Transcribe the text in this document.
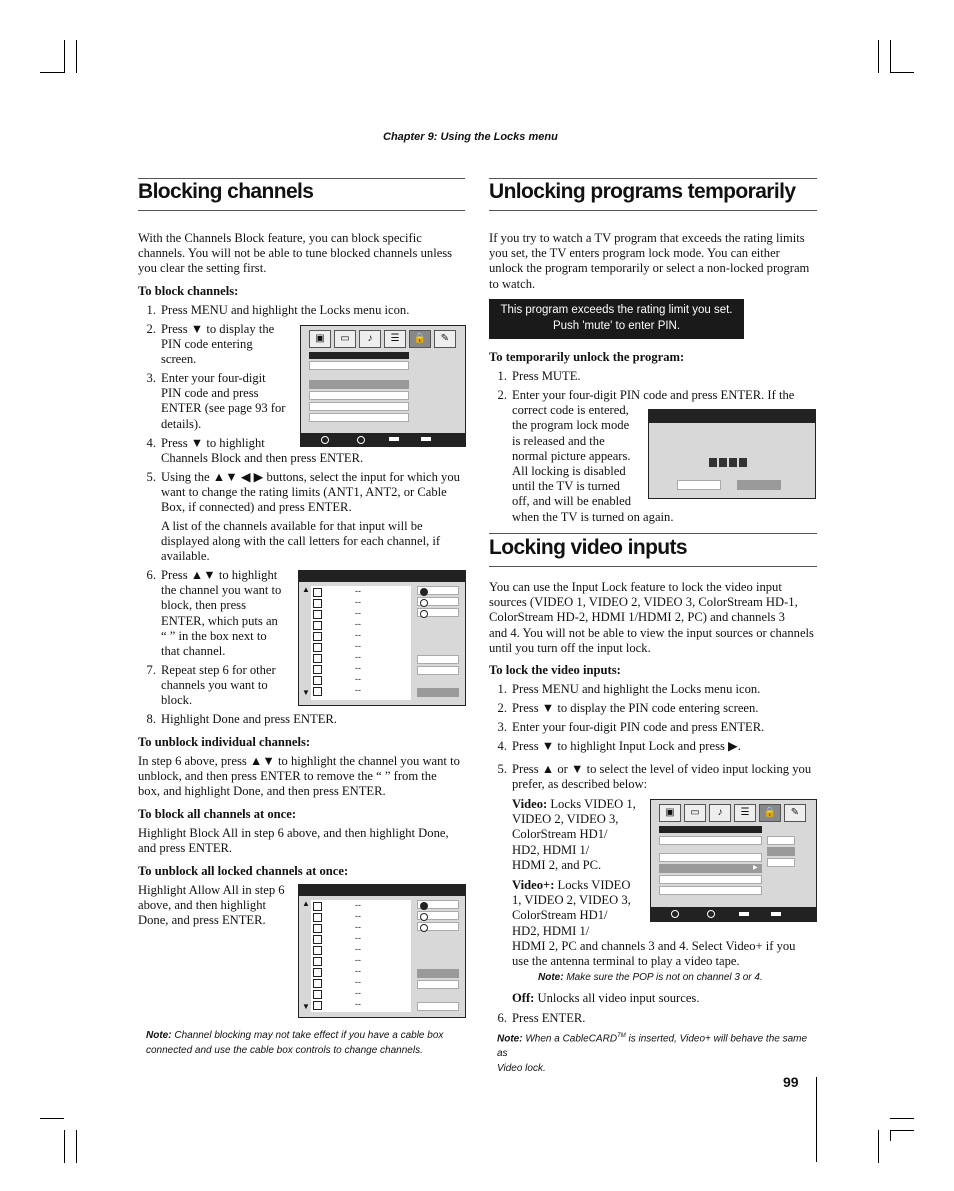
Chapter 9: Using the Locks menu
Blocking channels
With the Channels Block feature, you can block specific
channels. You will not be able to tune blocked channels unless
you clear the setting first.
To block channels:
1. Press MENU and highlight the Locks menu icon.
2. Press ▼ to display the
PIN code entering
screen.
3. Enter your four-digit
PIN code and press
ENTER (see page 93 for
details).
4. Press ▼ to highlight
Channels Block and then press ENTER.
▣	▭	♪	☰	🔒	✎
5. Using the ▲▼ ◀ ▶ buttons, select the input for which you
want to change the rating limits (ANT1, ANT2, or Cable
Box, if connected) and press ENTER.
A list of the channels available for that input will be
displayed along with the call letters for each channel, if
available.
6. Press ▲▼ to highlight
the channel you want to
block, then press
ENTER, which puts an
“ ” in the box next to
that channel.
7. Repeat step 6 for other
channels you want to
block.
8. Highlight Done and press ENTER.
▲
▼
--
--
--
--
--
--
--
--
--
--
To unblock individual channels:
In step 6 above, press ▲▼ to highlight the channel you want to
unblock, and then press ENTER to remove the “ ” from the
box, and highlight Done, and then press ENTER.
To block all channels at once:
Highlight Block All in step 6 above, and then highlight Done,
and press ENTER.
To unblock all locked channels at once:
Highlight Allow All in step 6
above, and then highlight
Done, and press ENTER.
▲
▼
--
--
--
--
--
--
--
--
--
--
Note: Channel blocking may not take effect if you have a cable box
connected and use the cable box controls to change channels.
Unlocking programs temporarily
If you try to watch a TV program that exceeds the rating limits
you set, the TV enters program lock mode. You can either
unlock the program temporarily or select a non-locked program
to watch.
This program exceeds the rating limit you set.
Push 'mute' to enter PIN.
To temporarily unlock the program:
1. Press MUTE.
2. Enter your four-digit PIN code and press ENTER. If the
correct code is entered,
the program lock mode
is released and the
normal picture appears.
All locking is disabled
until the TV is turned
off, and will be enabled
when the TV is turned on again.
Locking video inputs
You can use the Input Lock feature to lock the video input
sources (VIDEO 1, VIDEO 2, VIDEO 3, ColorStream HD-1,
ColorStream HD-2, HDMI 1/HDMI 2, PC) and channels 3
and 4. You will not be able to view the input sources or channels
until you turn off the input lock.
To lock the video inputs:
1. Press MENU and highlight the Locks menu icon.
2. Press ▼ to display the PIN code entering screen.
3. Enter your four-digit PIN code and press ENTER.
4. Press ▼ to highlight Input Lock and press ▶.
5. Press ▲ or ▼ to select the level of video input locking you
prefer, as described below:
Video: Locks VIDEO 1,
VIDEO 2, VIDEO 3,
ColorStream HD1/
HD2, HDMI 1/
HDMI 2, and PC.
Video+: Locks VIDEO
1, VIDEO 2, VIDEO 3,
ColorStream HD1/
HD2, HDMI 1/
HDMI 2, PC and channels 3 and 4. Select Video+ if you
use the antenna terminal to play a video tape.
▣	▭	♪	☰	🔒	✎
▶
Note: Make sure the POP is not on channel 3 or 4.
Off: Unlocks all video input sources.
6. Press ENTER.
Note: When a CableCARD™ is inserted, Video+ will behave the same as
Video lock.
99
